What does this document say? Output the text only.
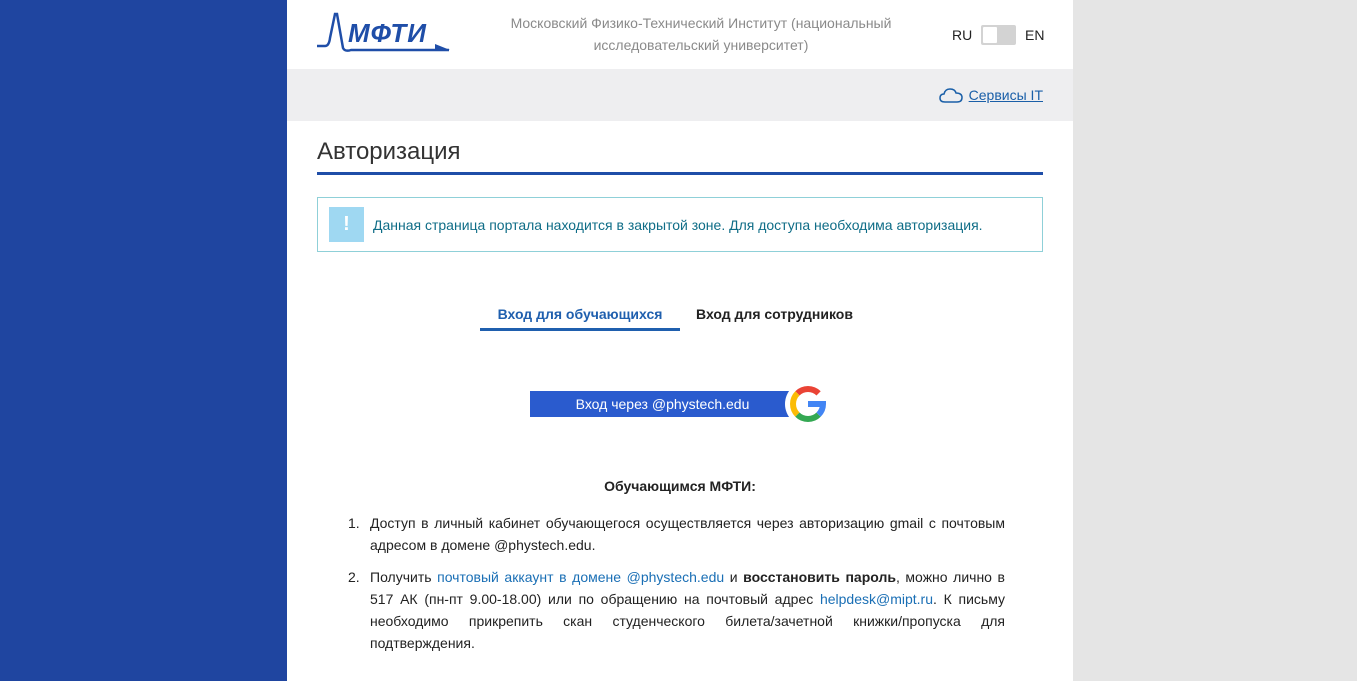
МФТИ	Московский Физико-Технический Институт (национальный
исследовательский университет)
RU	EN
Сервисы IT
Авторизация
!	Данная страница портала находится в закрытой зоне. Для доступа необходима авторизация.
Вход для обучающихся	Вход для сотрудников
Вход через @phystech.edu
Обучающимся МФТИ:
1. Доступ в личный кабинет обучающегося осуществляется через авторизацию gmail с почтовым адресом в домене @phystech.edu.
2. Получить почтовый аккаунт в домене @phystech.edu и восстановить пароль, можно лично в 517 АК (пн-пт 9.00-18.00) или по обращению на почтовый адрес helpdesk@mipt.ru. К письму необходимо прикрепить скан студенческого билета/зачетной книжки/пропуска для подтверждения.
